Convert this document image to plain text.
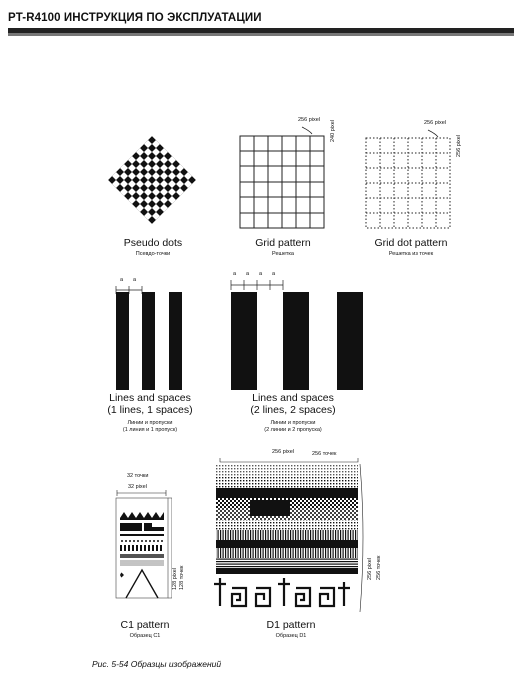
PT-R4100 ИНСТРУКЦИЯ ПО ЭКСПЛУАТАЦИИ
Pseudo dots
Псевдо-точки
256 pixel 240 pixel
Grid pattern
Решетка
256 pixel
256 pixel
Grid dot pattern
Решетка из точек
a a
Lines and spaces
(1 lines, 1 spaces)
Линии и пропуски
(1 линия и 1 пропуск)
a a a a
Lines and spaces
(2 lines, 2 spaces)
Линии и пропуски
(2 линии и 2 пропуска)
32 точки
32 pixel
128 pixel 128 точек
C1 pattern
Образец C1
256 pixel	256 точек
256 pixel 256 точек
D1 pattern
Образец D1
Рис. 5-54 Образцы изображений
